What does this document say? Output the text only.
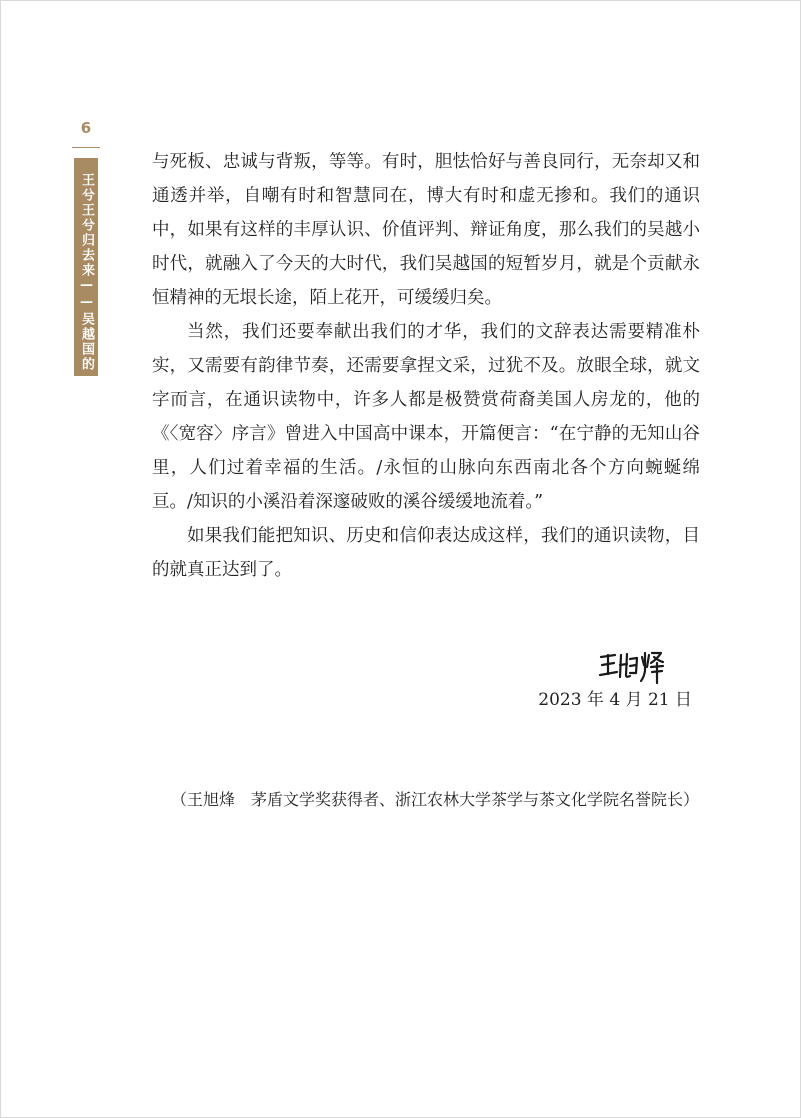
6
王兮王兮归去来——吴越国的君主们

与死板、忠诚与背叛，等等。有时，胆怯恰好与善良同行，无奈却又和通透并举，自嘲有时和智慧同在，博大有时和虚无掺和。我们的通识中，如果有这样的丰厚认识、价值评判、辩证角度，那么我们的吴越小时代，就融入了今天的大时代，我们吴越国的短暂岁月，就是个贡献永恒精神的无垠长途，陌上花开，可缓缓归矣。

当然，我们还要奉献出我们的才华，我们的文辞表达需要精准朴实，又需要有韵律节奏，还需要拿捏文采，过犹不及。放眼全球，就文字而言，在通识读物中，许多人都是极赞赏荷裔美国人房龙的，他的《〈宽容〉序言》曾进入中国高中课本，开篇便言：“在宁静的无知山谷里，人们过着幸福的生活。/永恒的山脉向东西南北各个方向蜿蜒绵亘。/知识的小溪沿着深邃破败的溪谷缓缓地流着。”

如果我们能把知识、历史和信仰表达成这样，我们的通识读物，目的就真正达到了。

2023 年 4 月 21 日
（王旭烽　茅盾文学奖获得者、浙江农林大学茶学与茶文化学院名誉院长）
